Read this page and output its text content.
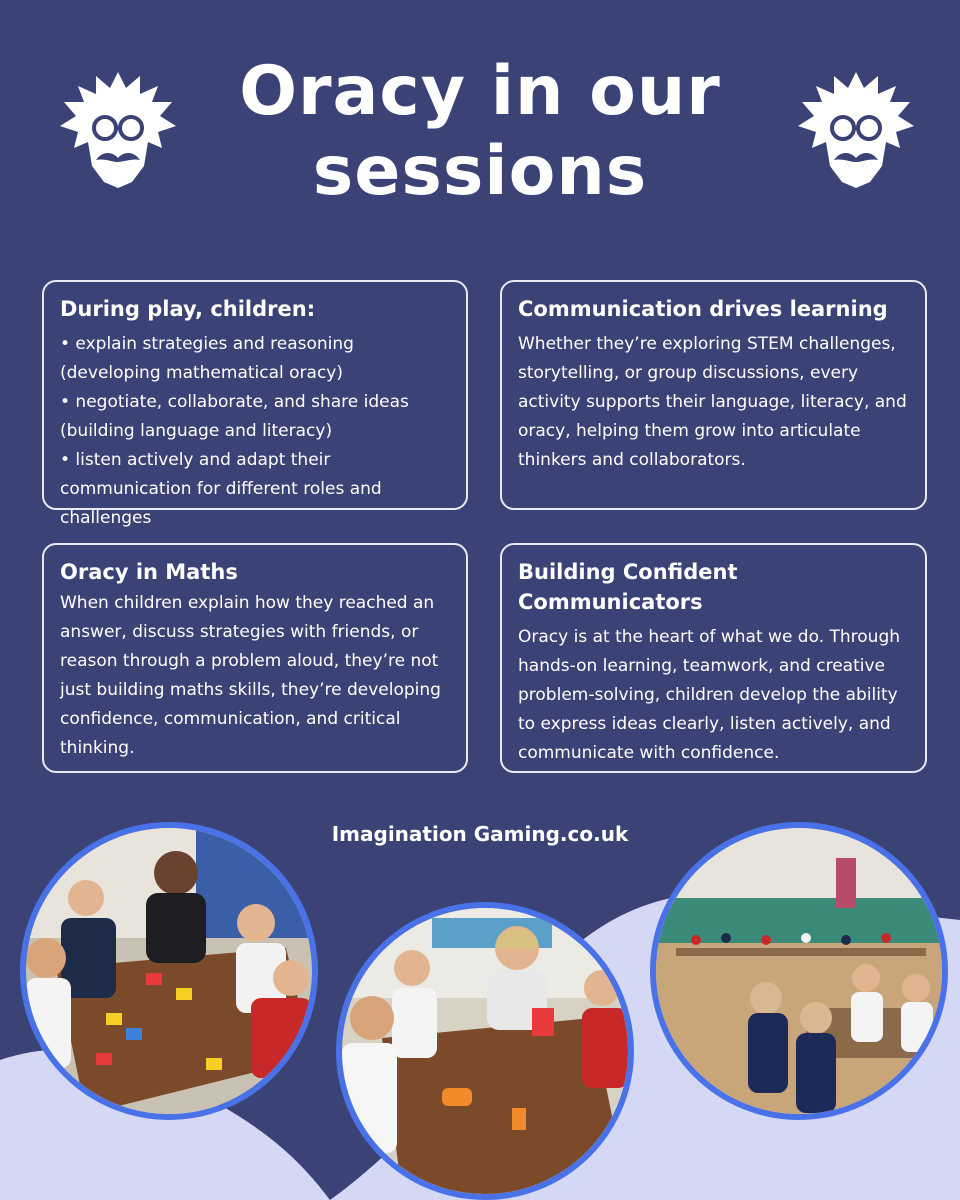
Oracy in our
sessions
During play, children:
• explain strategies and reasoning (developing mathematical oracy)
• negotiate, collaborate, and share ideas (building language and literacy)
• listen actively and adapt their communication for different roles and challenges
Communication drives learning
Whether they’re exploring STEM challenges, storytelling, or group discussions, every activity supports their language, literacy, and oracy, helping them grow into articulate thinkers and collaborators.
Oracy in Maths
When children explain how they reached an answer, discuss strategies with friends, or reason through a problem aloud, they’re not just building maths skills, they’re developing confidence, communication, and critical thinking.
Building Confident Communicators
Oracy is at the heart of what we do. Through hands-on learning, teamwork, and creative problem-solving, children develop the ability to express ideas clearly, listen actively, and communicate with confidence.
Imagination Gaming.co.uk
